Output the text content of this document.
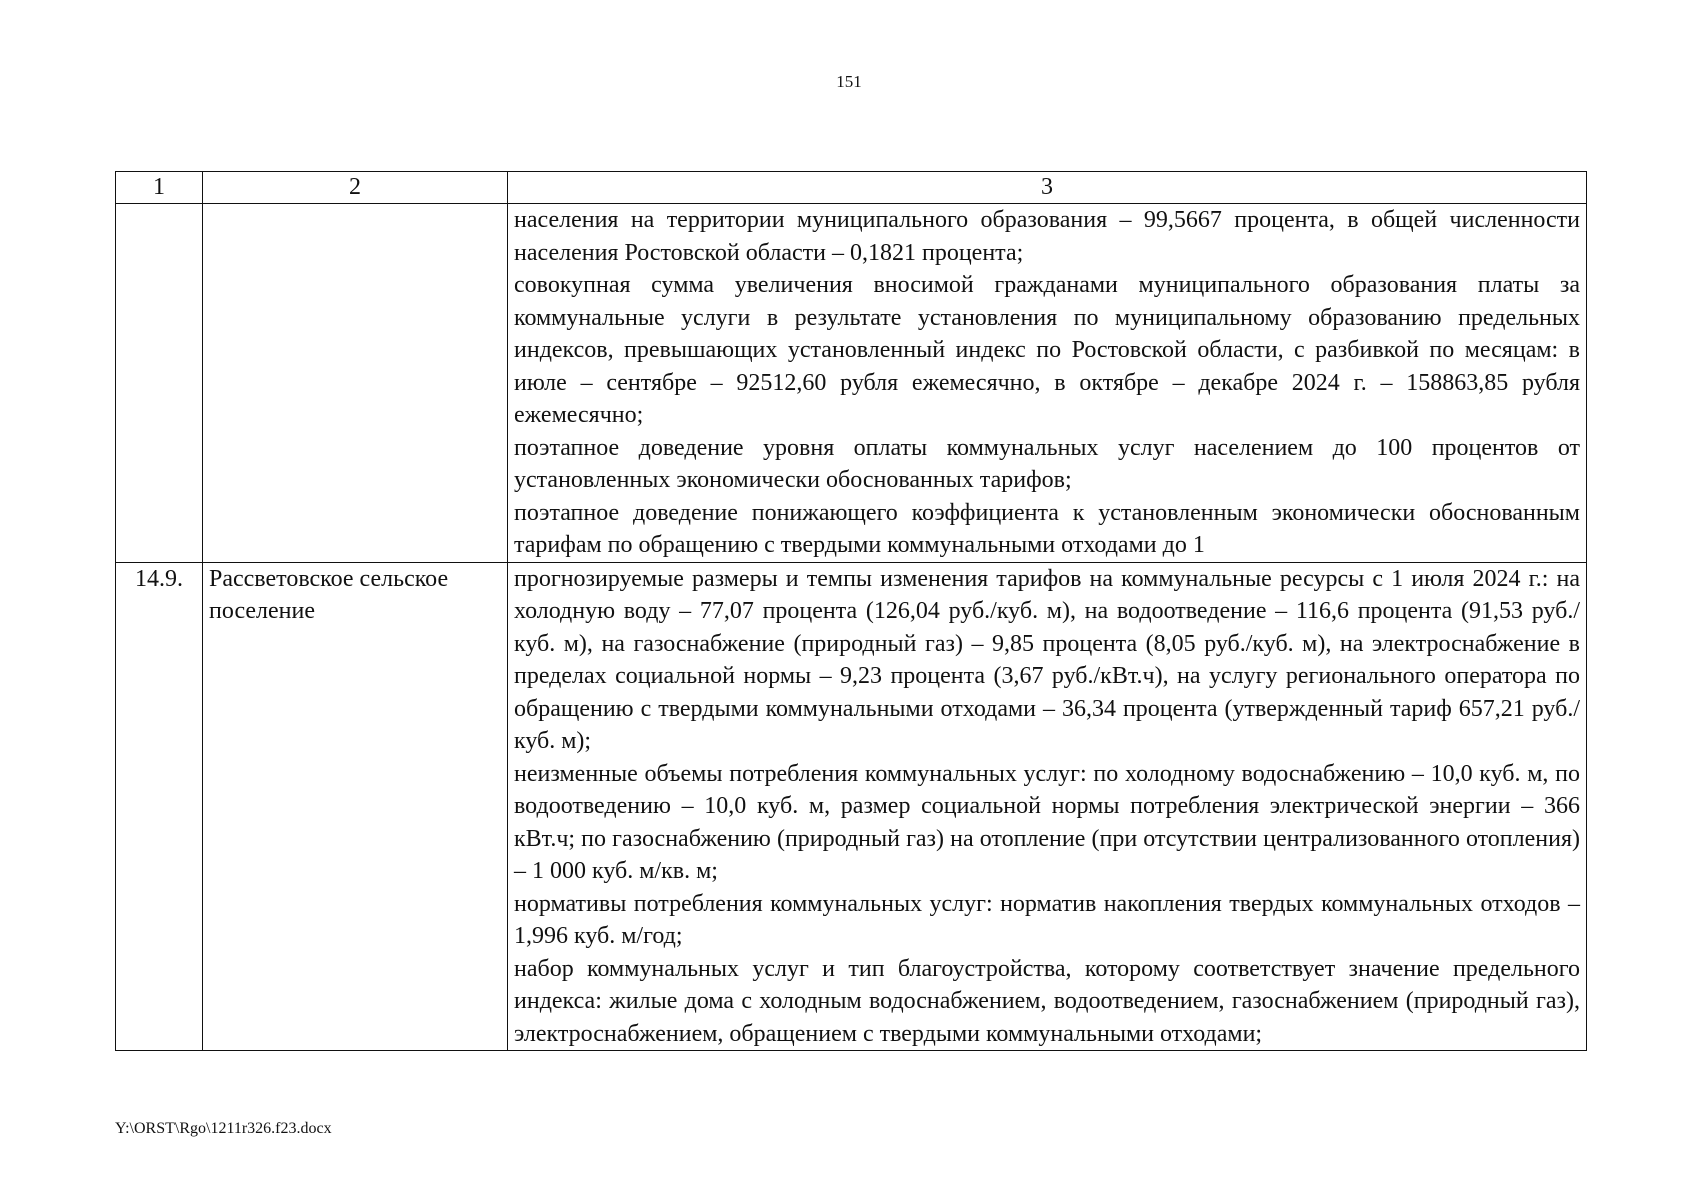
151
1	2	3

		населения на территории муниципального образования – 99,5667 процента, в общей численности населения Ростовской области – 0,1821 процента;
совокупная сумма увеличения вносимой гражданами муниципального образования платы за коммунальные услуги в результате установления по муниципальному образованию предельных индексов, превышающих установленный индекс по Ростовской области, с разбивкой по месяцам: в июле – сентябре – 92512,60 рубля ежемесячно, в октябре – декабре 2024 г. – 158863,85 рубля ежемесячно;
поэтапное доведение уровня оплаты коммунальных услуг населением до 100 процентов от установленных экономически обоснованных тарифов;
поэтапное доведение понижающего коэффициента к установленным экономически обоснованным тарифам по обращению с твердыми коммунальными отходами до 1

14.9.	Рассветовское сельское поселение	прогнозируемые размеры и темпы изменения тарифов на коммунальные ресурсы с 1 июля 2024 г.: на холодную воду – 77,07 процента (126,04 руб./куб. м), на водоотведение – 116,6 процента (91,53 руб./куб. м), на газоснабжение (природный газ) – 9,85 процента (8,05 руб./куб. м), на электроснабжение в пределах социальной нормы – 9,23 процента (3,67 руб./кВт.ч), на услугу регионального оператора по обращению с твердыми коммунальными отходами – 36,34 процента (утвержденный тариф 657,21 руб./куб. м);
неизменные объемы потребления коммунальных услуг: по холодному водоснабжению – 10,0 куб. м, по водоотведению – 10,0 куб. м, размер социальной нормы потребления электрической энергии – 366 кВт.ч; по газоснабжению (природный газ) на отопление (при отсутствии централизованного отопления) – 1 000 куб. м/кв. м;
нормативы потребления коммунальных услуг: норматив накопления твердых коммунальных отходов – 1,996 куб. м/год;
набор коммунальных услуг и тип благоустройства, которому соответствует значение предельного индекса: жилые дома с холодным водоснабжением, водоотведением, газоснабжением (природный газ), электроснабжением, обращением с твердыми коммунальными отходами;
Y:\ORST\Rgo\1211r326.f23.docx
